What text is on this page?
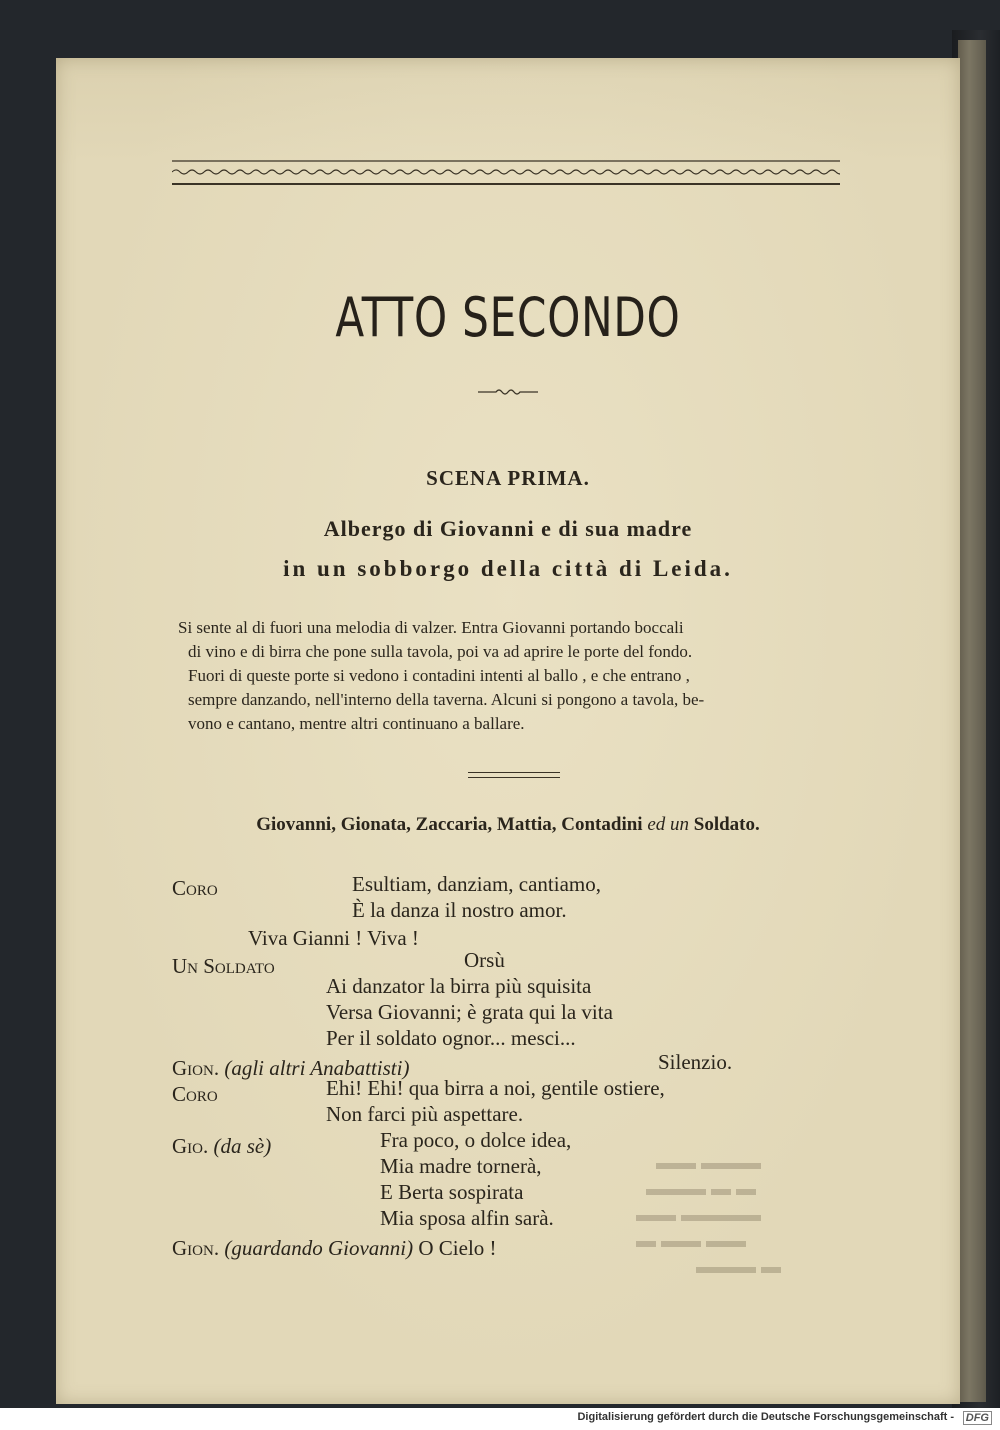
ATTO SECONDO
SCENA PRIMA.
Albergo di Giovanni e di sua madre
in un sobborgo della città di Leida.
Si sente al di fuori una melodia di valzer. Entra Giovanni portando boccali
di vino e di birra che pone sulla tavola, poi va ad aprire le porte del fondo.
Fuori di queste porte si vedono i contadini intenti al ballo , e che entrano ,
sempre danzando, nell'interno della taverna. Alcuni si pongono a tavola, be-
vono e cantano, mentre altri continuano a ballare.
Giovanni, Gionata, Zaccaria, Mattia, Contadini ed un Soldato.
Coro	Esultiam, danziam, cantiamo,
È la danza il nostro amor.
Viva Gianni ! Viva !
Un Soldato	Orsù
Ai danzator la birra più squisita
Versa Giovanni; è grata qui la vita
Per il soldato ognor... mesci...
Gion. (agli altri Anabattisti)	Silenzio.
Coro	Ehi! Ehi! qua birra a noi, gentile ostiere,
Non farci più aspettare.
Gio. (da sè)	Fra poco, o dolce idea,
Mia madre tornerà,
E Berta sospirata
Mia sposa alfin sarà.
Gion. (guardando Giovanni) O Cielo !
▬▬▬ ▬▬
▬ ▬ ▬▬▬
▬▬▬▬ ▬▬
▬▬ ▬▬ ▬
▬ ▬▬▬
Digitalisierung gefördert durch die Deutsche Forschungsgemeinschaft - DFG
